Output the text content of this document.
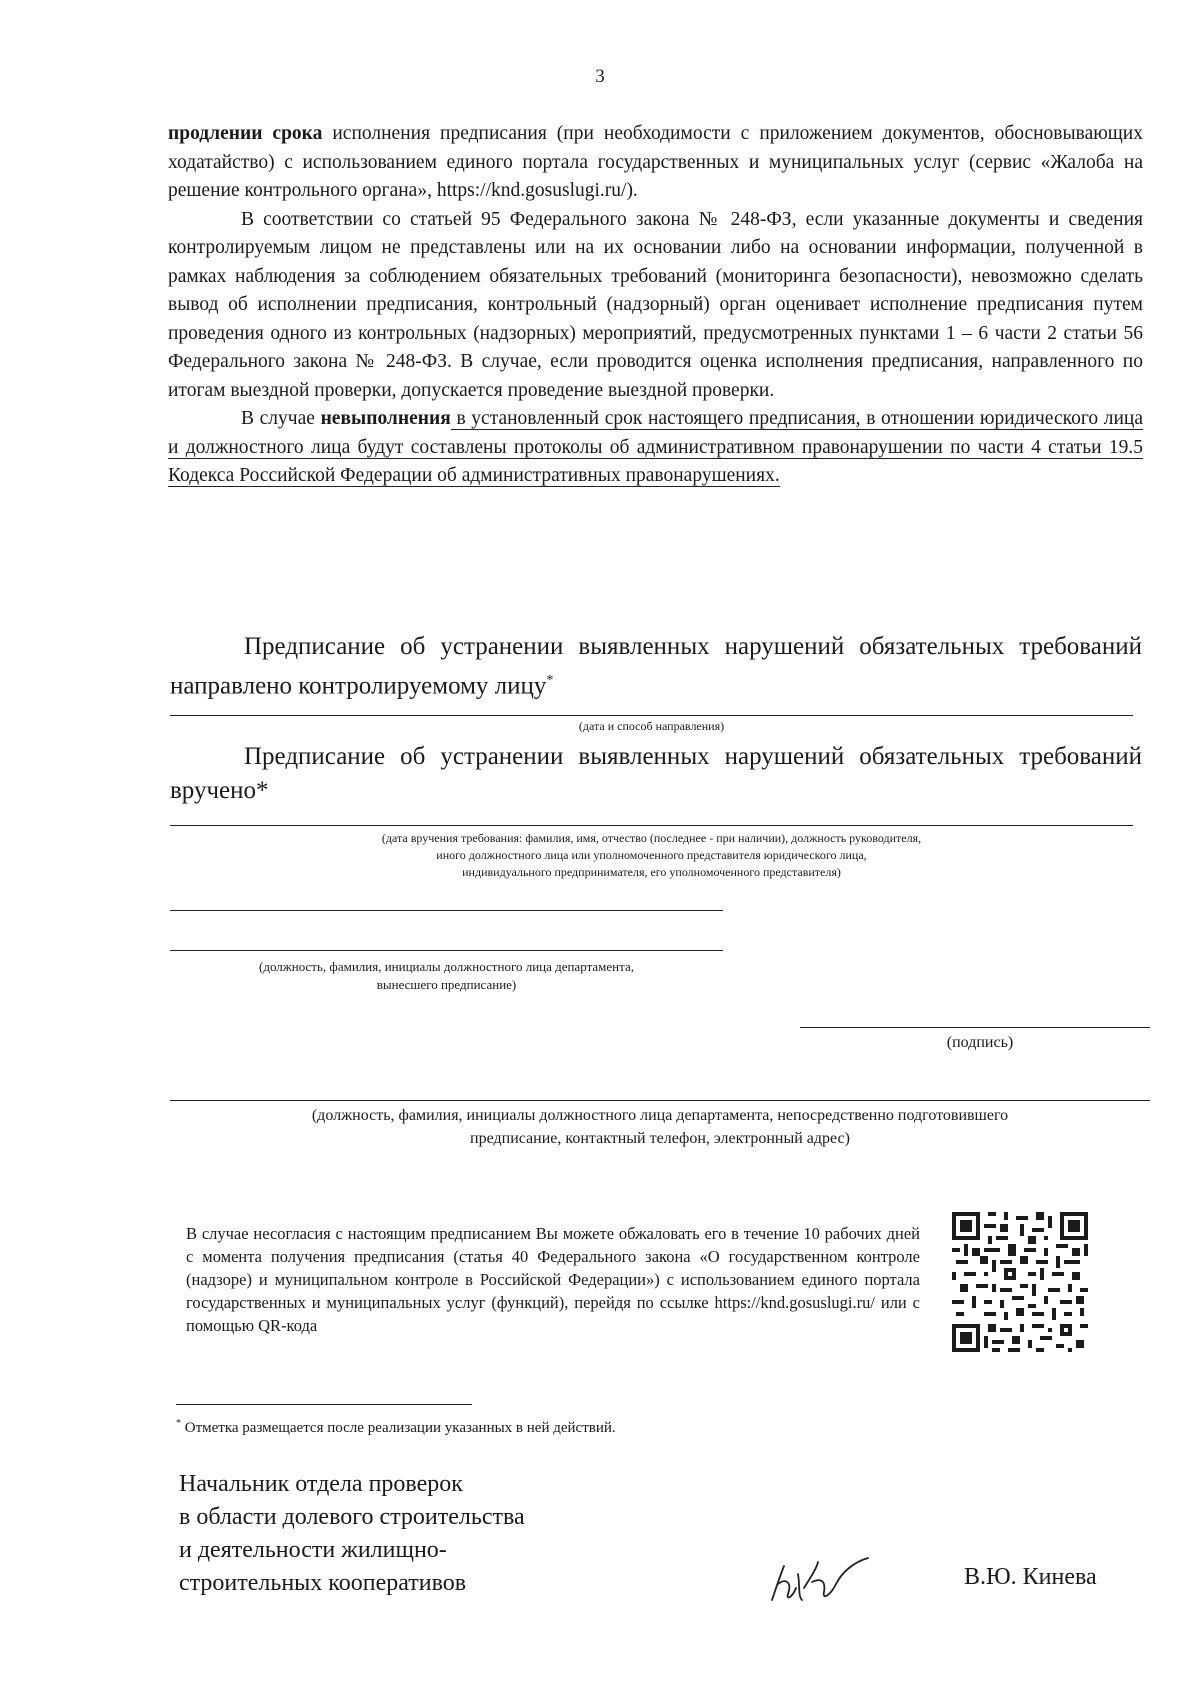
3

продлении срока исполнения предписания (при необходимости с приложением документов, обосновывающих ходатайство) с использованием единого портала государственных и муниципальных услуг (сервис «Жалоба на решение контрольного органа», https://knd.gosuslugi.ru/).

В соответствии со статьей 95 Федерального закона № 248-ФЗ, если указанные документы и сведения контролируемым лицом не представлены или на их основании либо на основании информации, полученной в рамках наблюдения за соблюдением обязательных требований (мониторинга безопасности), невозможно сделать вывод об исполнении предписания, контрольный (надзорный) орган оценивает исполнение предписания путем проведения одного из контрольных (надзорных) мероприятий, предусмотренных пунктами 1 – 6 части 2 статьи 56 Федерального закона № 248-ФЗ. В случае, если проводится оценка исполнения предписания, направленного по итогам выездной проверки, допускается проведение выездной проверки.

В случае невыполнения в установленный срок настоящего предписания, в отношении юридического лица и должностного лица будут составлены протоколы об административном правонарушении по части 4 статьи 19.5 Кодекса Российской Федерации об административных правонарушениях.

Предписание об устранении выявленных нарушений обязательных требований направлено контролируемому лицу*
(дата и способ направления)
Предписание об устранении выявленных нарушений обязательных требований вручено*
(дата вручения требования: фамилия, имя, отчество (последнее - при наличии), должность руководителя,
иного должностного лица или уполномоченного представителя юридического лица,
индивидуального предпринимателя, его уполномоченного представителя)
(должность, фамилия, инициалы должностного лица департамента,
вынесшего предписание)
(подпись)
(должность, фамилия, инициалы должностного лица департамента, непосредственно подготовившего
предписание, контактный телефон, электронный адрес)
В случае несогласия с настоящим предписанием Вы можете обжаловать его в течение 10 рабочих дней с момента получения предписания (статья 40 Федерального закона «О государственном контроле (надзоре) и муниципальном контроле в Российской Федерации») с использованием единого портала государственных и муниципальных услуг (функций), перейдя по ссылке https://knd.gosuslugi.ru/ или с помощью QR-кода
* Отметка размещается после реализации указанных в ней действий.
Начальник отдела проверок
в области долевого строительства
и деятельности жилищно-
строительных кооперативов	В.Ю. Кинева
